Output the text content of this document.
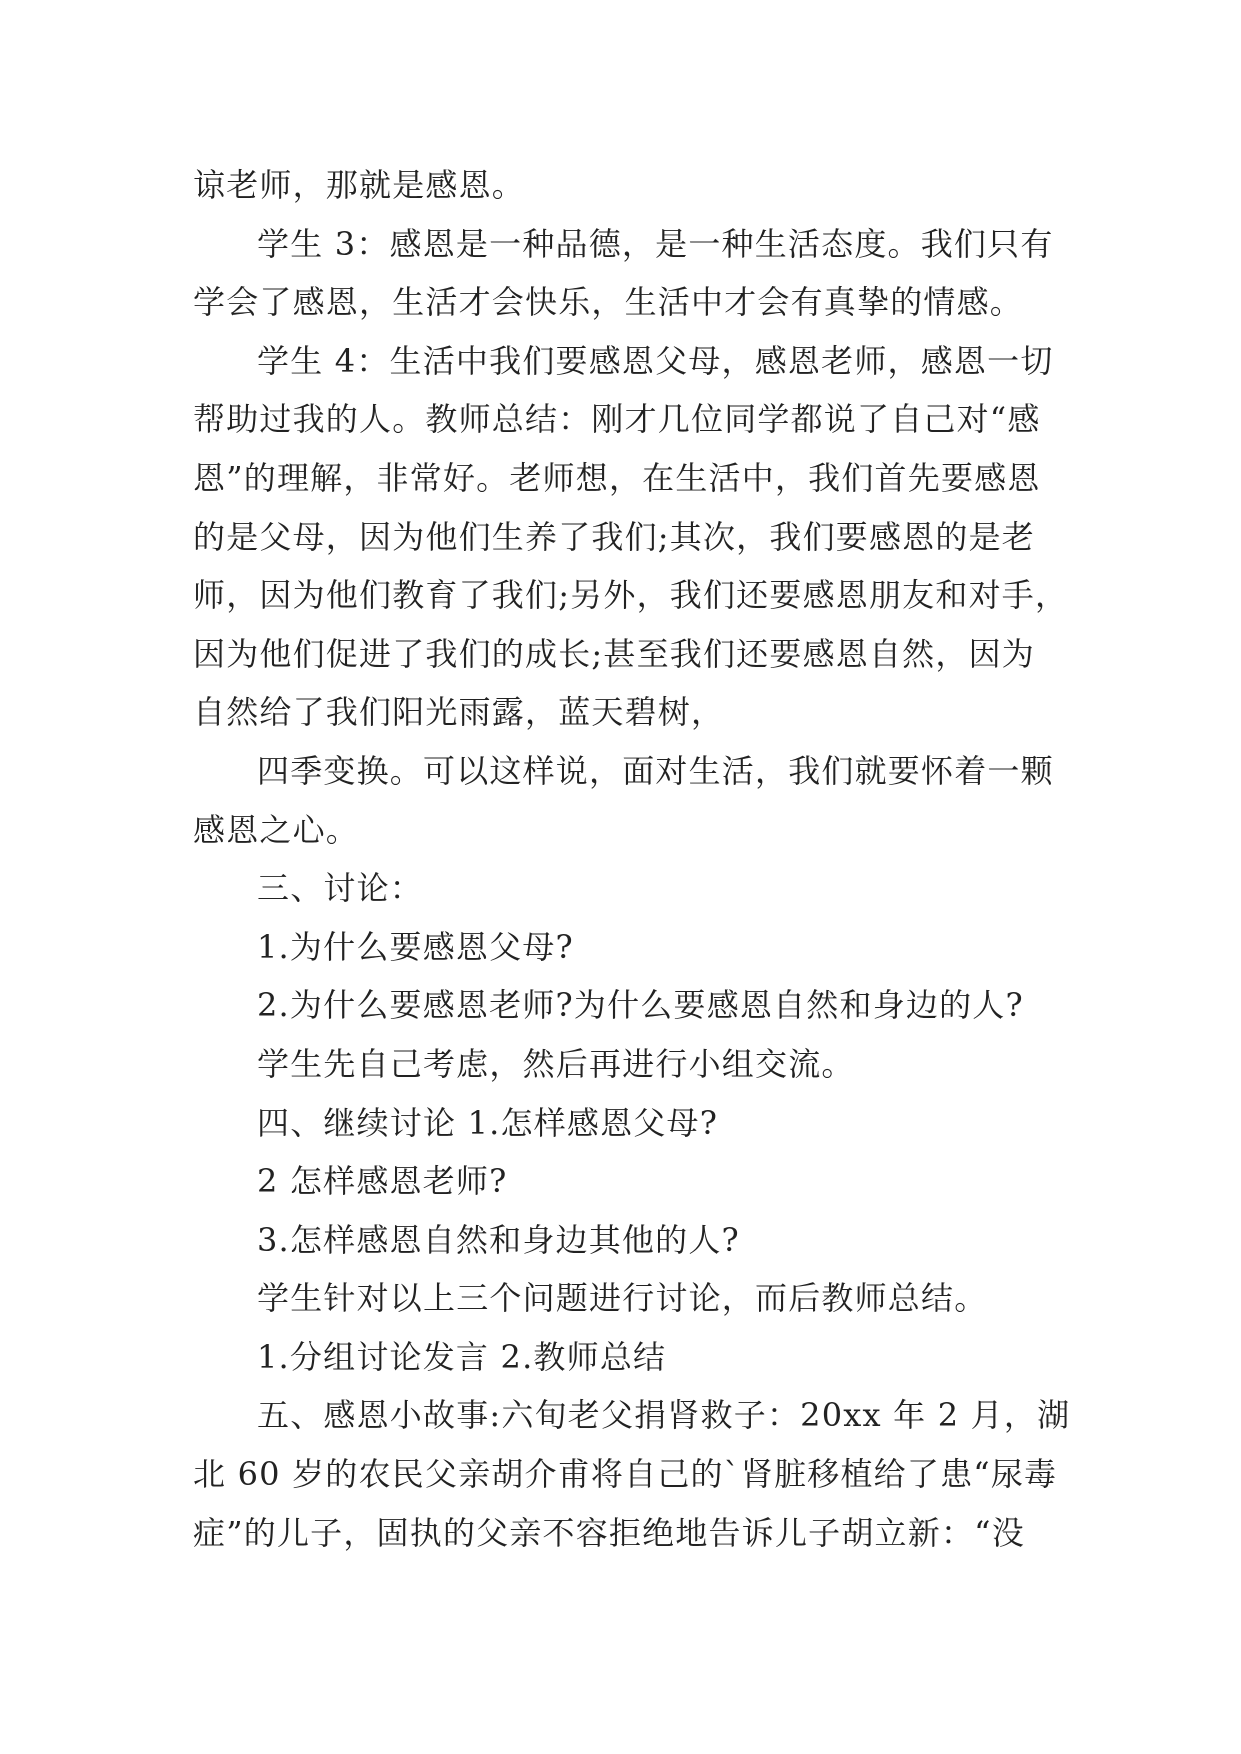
谅老师，那就是感恩。
学生 3：感恩是一种品德，是一种生活态度。我们只有
学会了感恩，生活才会快乐，生活中才会有真挚的情感。
学生 4：生活中我们要感恩父母，感恩老师，感恩一切
帮助过我的人。教师总结：刚才几位同学都说了自己对“感
恩”的理解，非常好。老师想，在生活中，我们首先要感恩
的是父母，因为他们生养了我们;其次，我们要感恩的是老
师，因为他们教育了我们;另外，我们还要感恩朋友和对手，
因为他们促进了我们的成长;甚至我们还要感恩自然，因为
自然给了我们阳光雨露，蓝天碧树，
四季变换。可以这样说，面对生活，我们就要怀着一颗
感恩之心。
三、讨论：
1.为什么要感恩父母?
2.为什么要感恩老师?为什么要感恩自然和身边的人?
学生先自己考虑，然后再进行小组交流。
四、继续讨论 1.怎样感恩父母?
2 怎样感恩老师?
3.怎样感恩自然和身边其他的人?
学生针对以上三个问题进行讨论，而后教师总结。
1.分组讨论发言 2.教师总结
五、感恩小故事:六旬老父捐肾救子：20xx 年 2 月，湖
北 60 岁的农民父亲胡介甫将自己的`肾脏移植给了患“尿毒
症”的儿子，固执的父亲不容拒绝地告诉儿子胡立新：“没
